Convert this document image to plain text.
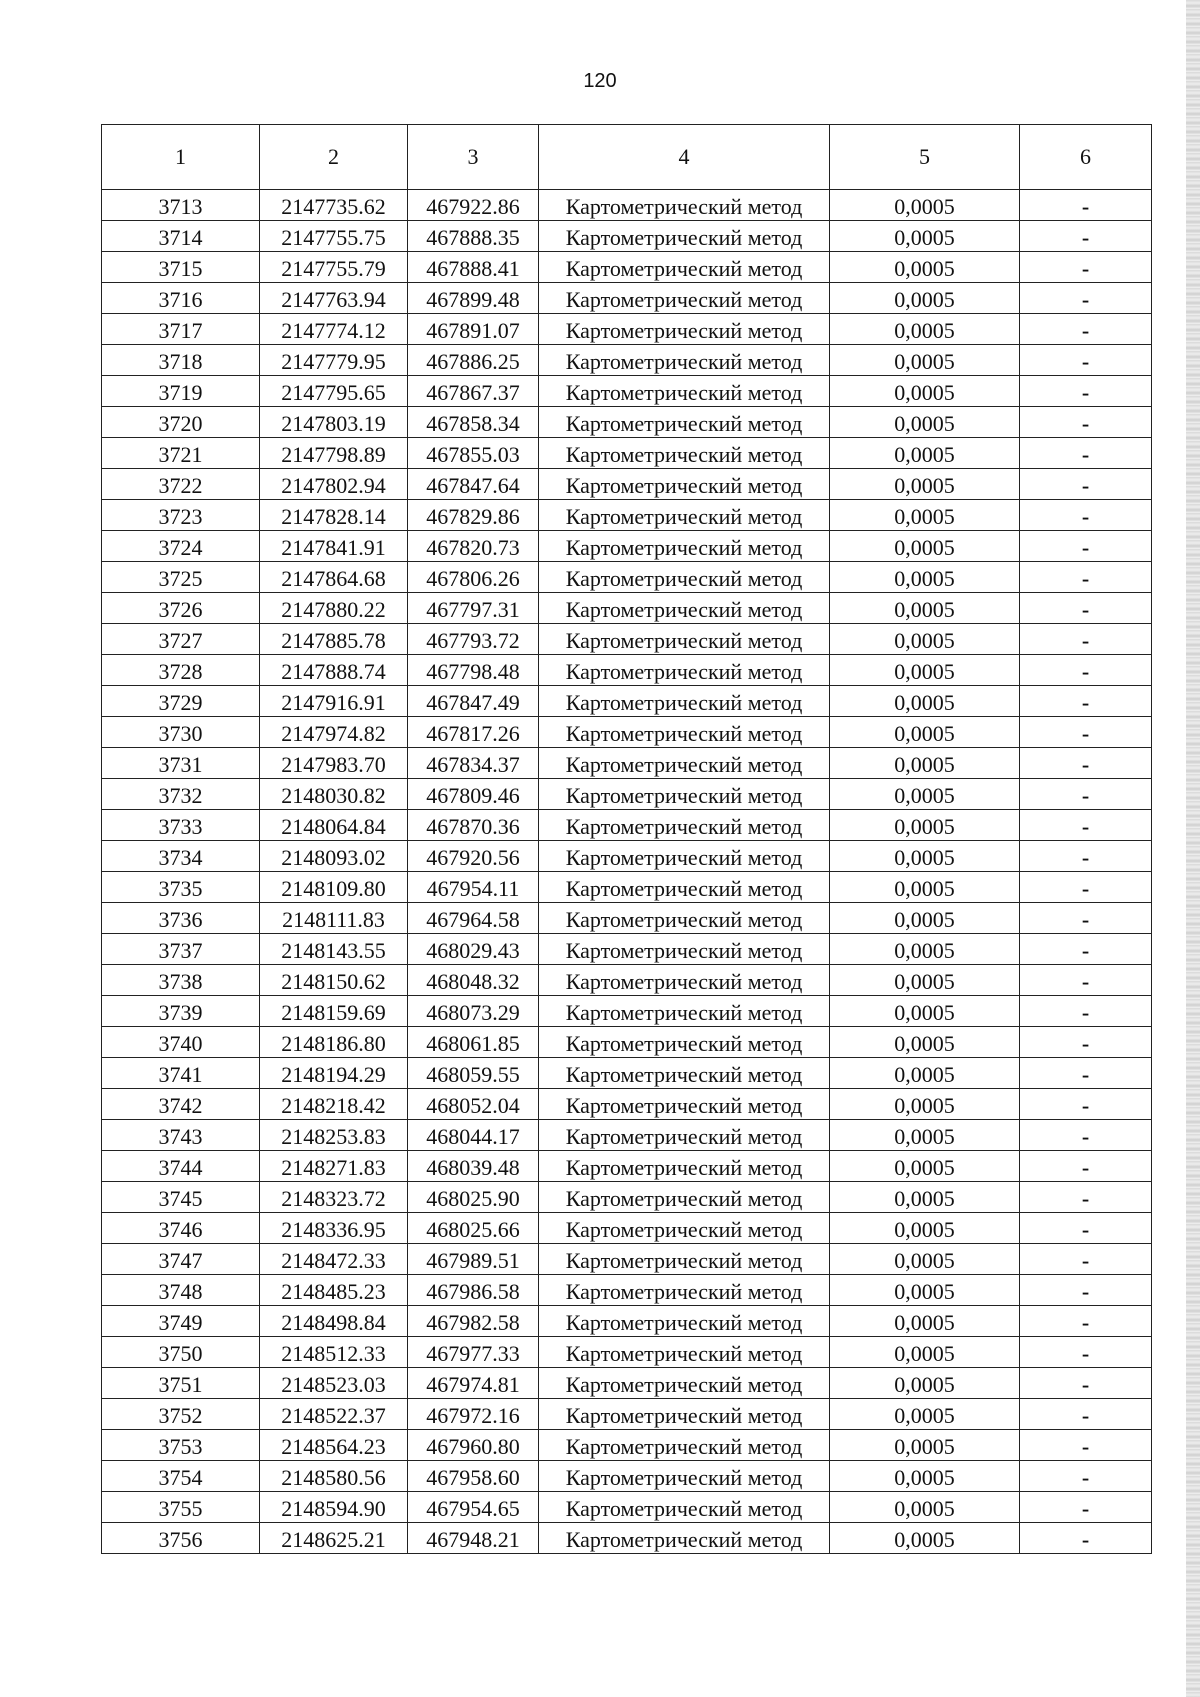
120
1	2	3	4	5	6
3713	2147735.62	467922.86	Картометрический метод	0,0005	-
3714	2147755.75	467888.35	Картометрический метод	0,0005	-
3715	2147755.79	467888.41	Картометрический метод	0,0005	-
3716	2147763.94	467899.48	Картометрический метод	0,0005	-
3717	2147774.12	467891.07	Картометрический метод	0,0005	-
3718	2147779.95	467886.25	Картометрический метод	0,0005	-
3719	2147795.65	467867.37	Картометрический метод	0,0005	-
3720	2147803.19	467858.34	Картометрический метод	0,0005	-
3721	2147798.89	467855.03	Картометрический метод	0,0005	-
3722	2147802.94	467847.64	Картометрический метод	0,0005	-
3723	2147828.14	467829.86	Картометрический метод	0,0005	-
3724	2147841.91	467820.73	Картометрический метод	0,0005	-
3725	2147864.68	467806.26	Картометрический метод	0,0005	-
3726	2147880.22	467797.31	Картометрический метод	0,0005	-
3727	2147885.78	467793.72	Картометрический метод	0,0005	-
3728	2147888.74	467798.48	Картометрический метод	0,0005	-
3729	2147916.91	467847.49	Картометрический метод	0,0005	-
3730	2147974.82	467817.26	Картометрический метод	0,0005	-
3731	2147983.70	467834.37	Картометрический метод	0,0005	-
3732	2148030.82	467809.46	Картометрический метод	0,0005	-
3733	2148064.84	467870.36	Картометрический метод	0,0005	-
3734	2148093.02	467920.56	Картометрический метод	0,0005	-
3735	2148109.80	467954.11	Картометрический метод	0,0005	-
3736	2148111.83	467964.58	Картометрический метод	0,0005	-
3737	2148143.55	468029.43	Картометрический метод	0,0005	-
3738	2148150.62	468048.32	Картометрический метод	0,0005	-
3739	2148159.69	468073.29	Картометрический метод	0,0005	-
3740	2148186.80	468061.85	Картометрический метод	0,0005	-
3741	2148194.29	468059.55	Картометрический метод	0,0005	-
3742	2148218.42	468052.04	Картометрический метод	0,0005	-
3743	2148253.83	468044.17	Картометрический метод	0,0005	-
3744	2148271.83	468039.48	Картометрический метод	0,0005	-
3745	2148323.72	468025.90	Картометрический метод	0,0005	-
3746	2148336.95	468025.66	Картометрический метод	0,0005	-
3747	2148472.33	467989.51	Картометрический метод	0,0005	-
3748	2148485.23	467986.58	Картометрический метод	0,0005	-
3749	2148498.84	467982.58	Картометрический метод	0,0005	-
3750	2148512.33	467977.33	Картометрический метод	0,0005	-
3751	2148523.03	467974.81	Картометрический метод	0,0005	-
3752	2148522.37	467972.16	Картометрический метод	0,0005	-
3753	2148564.23	467960.80	Картометрический метод	0,0005	-
3754	2148580.56	467958.60	Картометрический метод	0,0005	-
3755	2148594.90	467954.65	Картометрический метод	0,0005	-
3756	2148625.21	467948.21	Картометрический метод	0,0005	-
